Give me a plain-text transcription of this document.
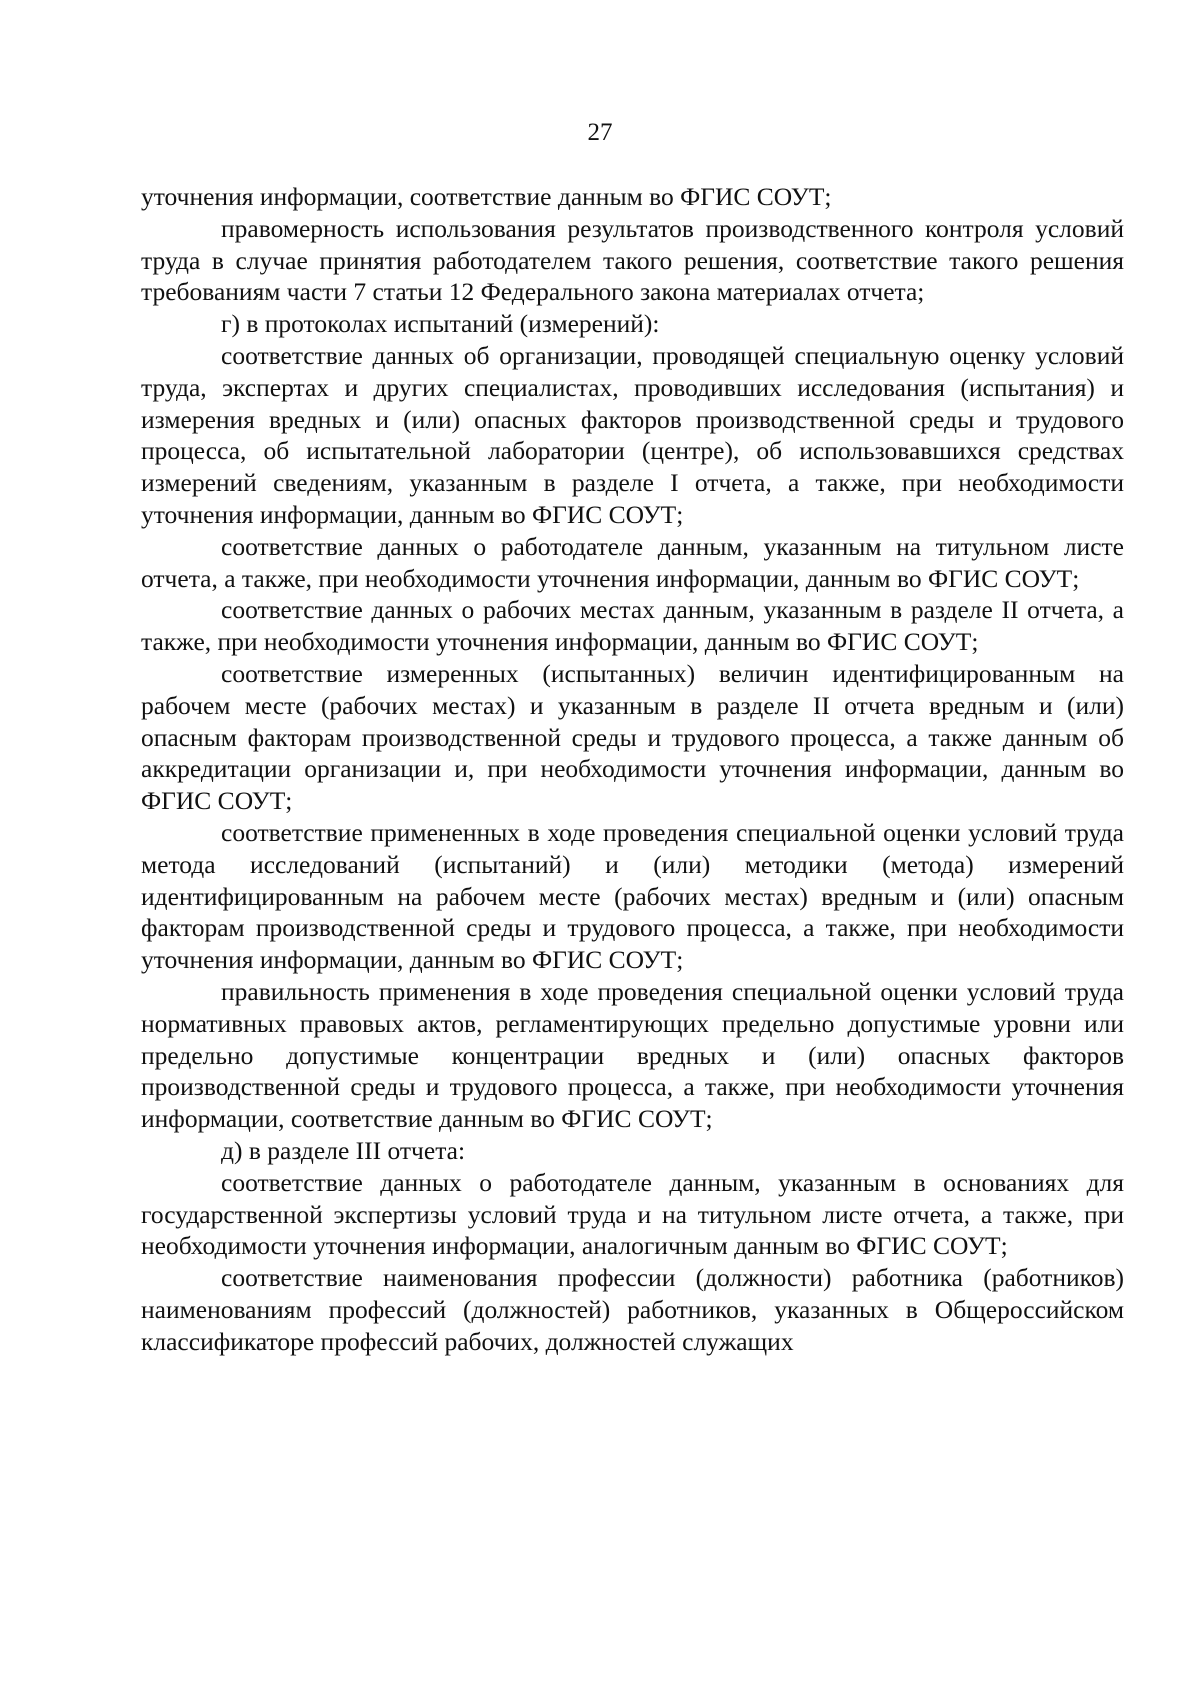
27

уточнения информации, соответствие данным во ФГИС СОУТ;

правомерность использования результатов производственного контроля условий труда в случае принятия работодателем такого решения, соответствие такого решения требованиям части 7 статьи 12 Федерального закона материалах отчета;

г) в протоколах испытаний (измерений):

соответствие данных об организации, проводящей специальную оценку условий труда, экспертах и других специалистах, проводивших исследования (испытания) и измерения вредных и (или) опасных факторов производственной среды и трудового процесса, об испытательной лаборатории (центре), об использовавшихся средствах измерений сведениям, указанным в разделе I отчета, а также, при необходимости уточнения информации, данным во ФГИС СОУТ;

соответствие данных о работодателе данным, указанным на титульном листе отчета, а также, при необходимости уточнения информации, данным во ФГИС СОУТ;

соответствие данных о рабочих местах данным, указанным в разделе II отчета, а также, при необходимости уточнения информации, данным во ФГИС СОУТ;

соответствие измеренных (испытанных) величин идентифицированным на рабочем месте (рабочих местах) и указанным в разделе II отчета вредным и (или) опасным факторам производственной среды и трудового процесса, а также данным об аккредитации организации и, при необходимости уточнения информации, данным во ФГИС СОУТ;

соответствие примененных в ходе проведения специальной оценки условий труда метода исследований (испытаний) и (или) методики (метода) измерений идентифицированным на рабочем месте (рабочих местах) вредным и (или) опасным факторам производственной среды и трудового процесса, а также, при необходимости уточнения информации, данным во ФГИС СОУТ;

правильность применения в ходе проведения специальной оценки условий труда нормативных правовых актов, регламентирующих предельно допустимые уровни или предельно допустимые концентрации вредных и (или) опасных факторов производственной среды и трудового процесса, а также, при необходимости уточнения информации, соответствие данным во ФГИС СОУТ;

д) в разделе III отчета:

соответствие данных о работодателе данным, указанным в основаниях для государственной экспертизы условий труда и на титульном листе отчета, а также, при необходимости уточнения информации, аналогичным данным во ФГИС СОУТ;

соответствие наименования профессии (должности) работника (работников) наименованиям профессий (должностей) работников, указанных в Общероссийском классификаторе профессий рабочих, должностей служащих
